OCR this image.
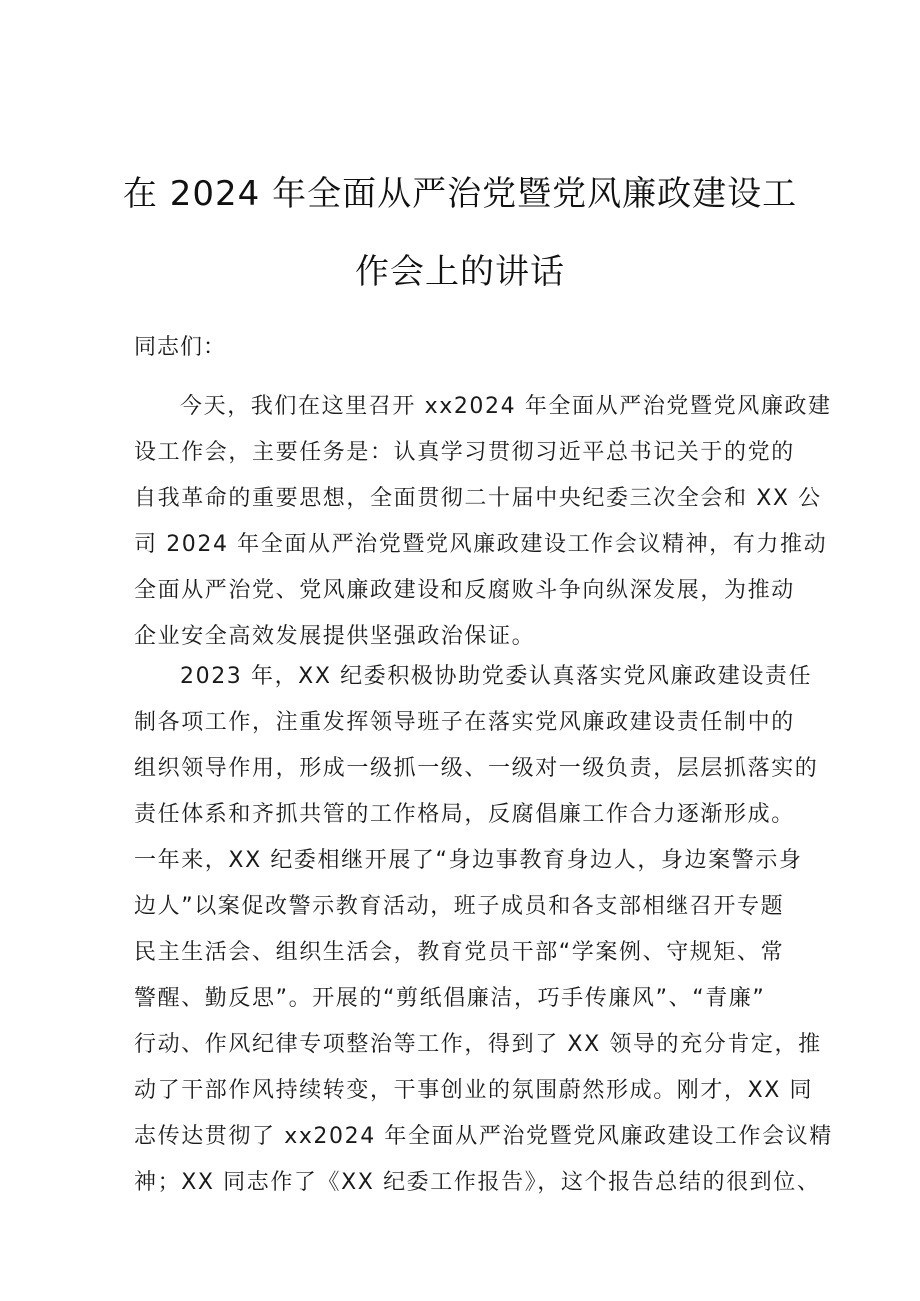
在 2024 年全面从严治党暨党风廉政建设工
作会上的讲话
同志们：
今天，我们在这里召开 xx2024 年全面从严治党暨党风廉政建
设工作会，主要任务是：认真学习贯彻习近平总书记关于的党的
自我革命的重要思想，全面贯彻二十届中央纪委三次全会和 XX 公
司 2024 年全面从严治党暨党风廉政建设工作会议精神，有力推动
全面从严治党、党风廉政建设和反腐败斗争向纵深发展，为推动
企业安全高效发展提供坚强政治保证。
2023 年，XX 纪委积极协助党委认真落实党风廉政建设责任
制各项工作，注重发挥领导班子在落实党风廉政建设责任制中的
组织领导作用，形成一级抓一级、一级对一级负责，层层抓落实的
责任体系和齐抓共管的工作格局，反腐倡廉工作合力逐渐形成。
一年来，XX 纪委相继开展了“身边事教育身边人，身边案警示身
边人”以案促改警示教育活动，班子成员和各支部相继召开专题
民主生活会、组织生活会，教育党员干部“学案例、守规矩、常
警醒、勤反思”。开展的“剪纸倡廉洁，巧手传廉风”、“青廉”
行动、作风纪律专项整治等工作，得到了 XX 领导的充分肯定，推
动了干部作风持续转变，干事创业的氛围蔚然形成。刚才，XX 同
志传达贯彻了 xx2024 年全面从严治党暨党风廉政建设工作会议精
神；XX 同志作了《XX 纪委工作报告》，这个报告总结的很到位、
